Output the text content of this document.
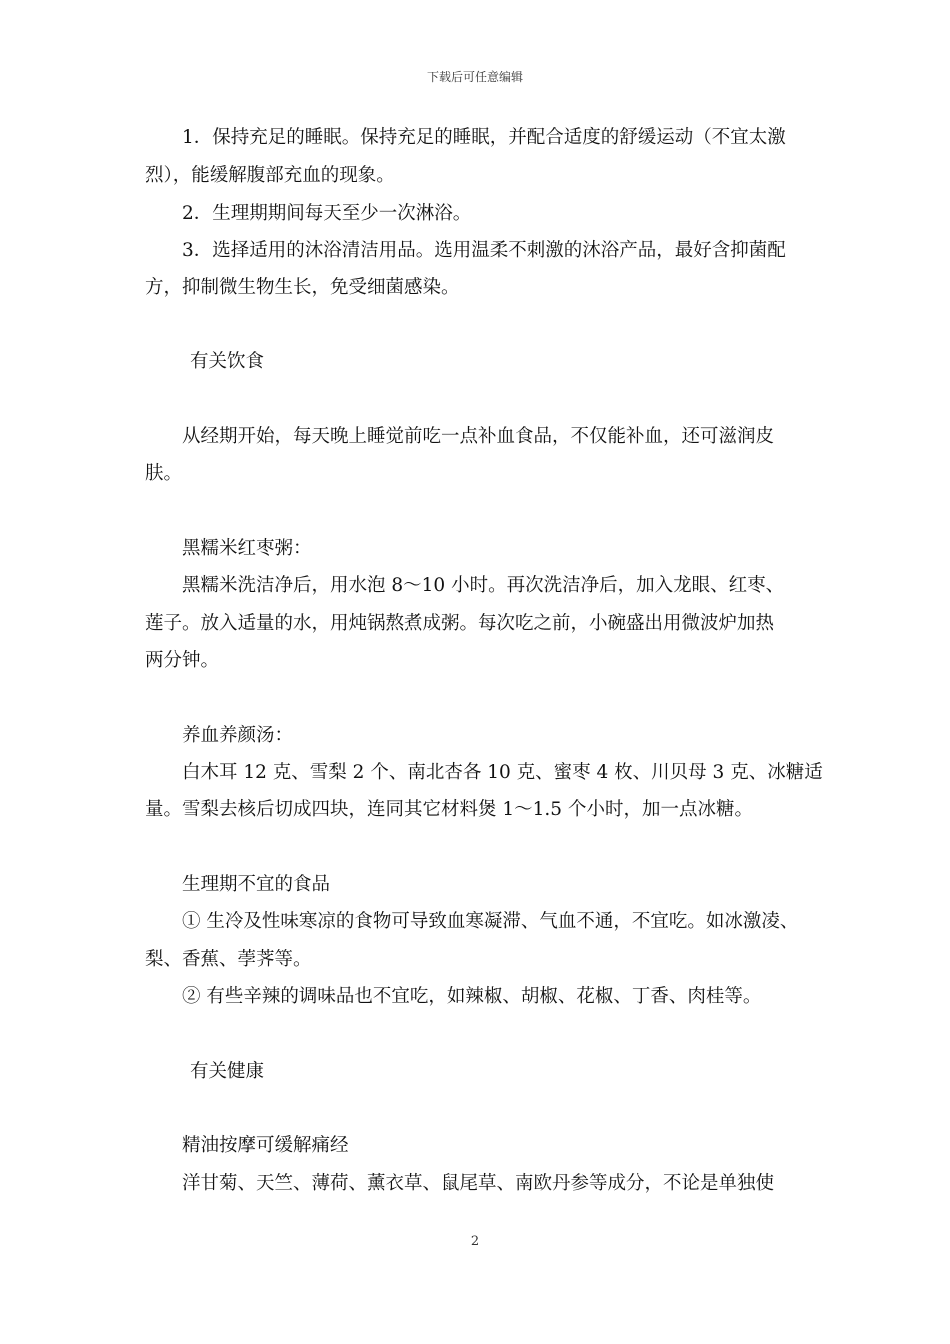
下载后可任意编辑
1．保持充足的睡眠。保持充足的睡眠，并配合适度的舒缓运动（不宜太激
烈），能缓解腹部充血的现象。
2．生理期期间每天至少一次淋浴。
3．选择适用的沐浴清洁用品。选用温柔不刺激的沐浴产品，最好含抑菌配
方，抑制微生物生长，免受细菌感染。
有关饮食
从经期开始，每天晚上睡觉前吃一点补血食品，不仅能补血，还可滋润皮
肤。
黑糯米红枣粥：
黑糯米洗洁净后，用水泡 8～10 小时。再次洗洁净后，加入龙眼、红枣、
莲子。放入适量的水，用炖锅熬煮成粥。每次吃之前，小碗盛出用微波炉加热
两分钟。
养血养颜汤：
白木耳 12 克、雪梨 2 个、南北杏各 10 克、蜜枣 4 枚、川贝母 3 克、冰糖适
量。雪梨去核后切成四块，连同其它材料煲 1～1.5 个小时，加一点冰糖。
生理期不宜的食品
① 生冷及性味寒凉的食物可导致血寒凝滞、气血不通，不宜吃。如冰激凌、
梨、香蕉、荸荠等。
② 有些辛辣的调味品也不宜吃，如辣椒、胡椒、花椒、丁香、肉桂等。
有关健康
精油按摩可缓解痛经
洋甘菊、天竺、薄荷、薰衣草、鼠尾草、南欧丹参等成分，不论是单独使
2
